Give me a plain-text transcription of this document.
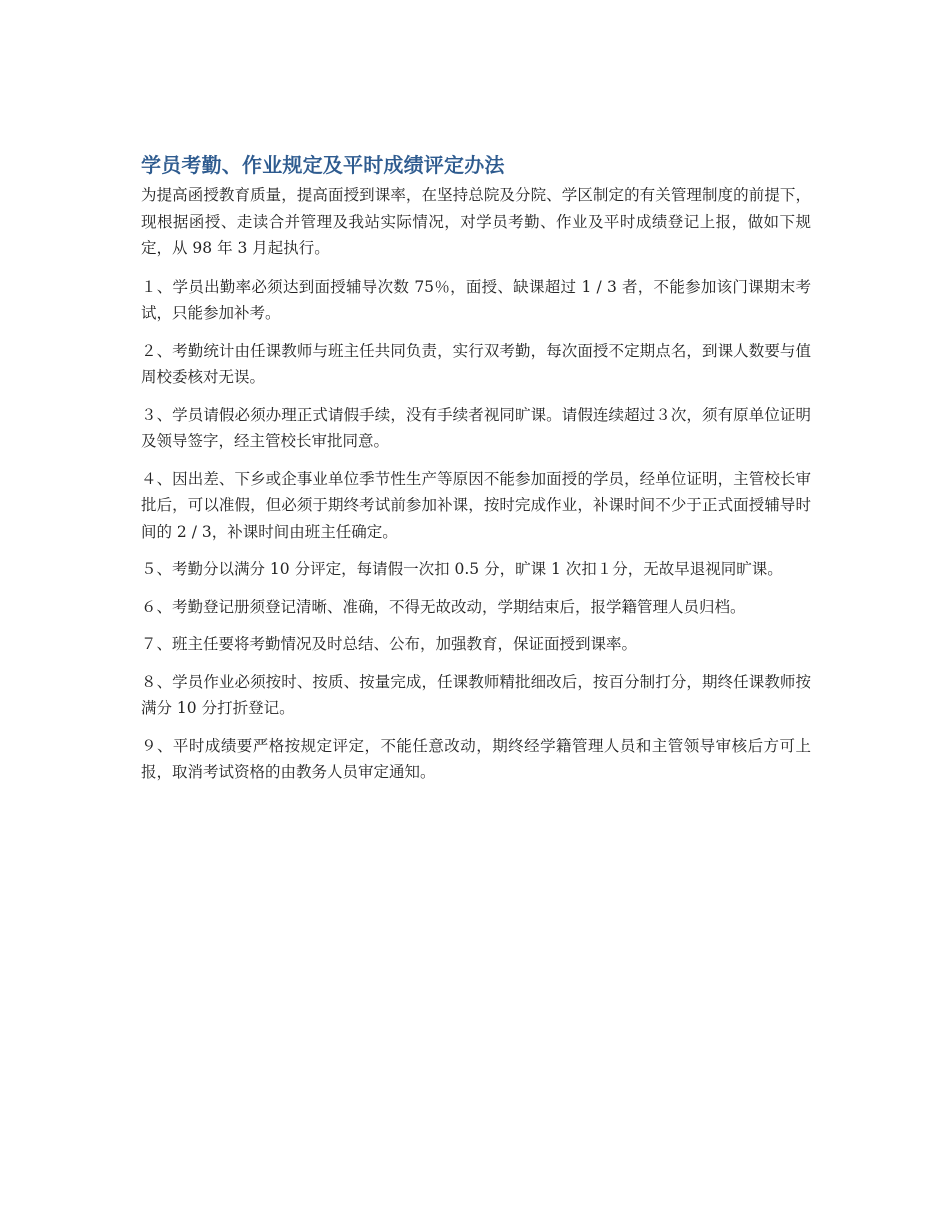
学员考勤、作业规定及平时成绩评定办法

为提高函授教育质量，提高面授到课率，在坚持总院及分院、学区制定的有关管理制度的前提下，现根据函授、走读合并管理及我站实际情况，对学员考勤、作业及平时成绩登记上报，做如下规定，从 98 年 3 月起执行。

１、学员出勤率必须达到面授辅导次数 75％，面授、缺课超过 1 / 3 者，不能参加该门课期末考试，只能参加补考。

２、考勤统计由任课教师与班主任共同负责，实行双考勤，每次面授不定期点名，到课人数要与值周校委核对无误。

３、学员请假必须办理正式请假手续，没有手续者视同旷课。请假连续超过３次，须有原单位证明及领导签字，经主管校长审批同意。

４、因出差、下乡或企事业单位季节性生产等原因不能参加面授的学员，经单位证明，主管校长审批后，可以准假，但必须于期终考试前参加补课，按时完成作业，补课时间不少于正式面授辅导时间的 2 / 3，补课时间由班主任确定。

５、考勤分以满分 10 分评定，每请假一次扣 0.5 分，旷课 1 次扣１分，无故早退视同旷课。

６、考勤登记册须登记清晰、准确，不得无故改动，学期结束后，报学籍管理人员归档。

７、班主任要将考勤情况及时总结、公布，加强教育，保证面授到课率。

８、学员作业必须按时、按质、按量完成，任课教师精批细改后，按百分制打分，期终任课教师按满分 10 分打折登记。

９、平时成绩要严格按规定评定，不能任意改动，期终经学籍管理人员和主管领导审核后方可上报，取消考试资格的由教务人员审定通知。
